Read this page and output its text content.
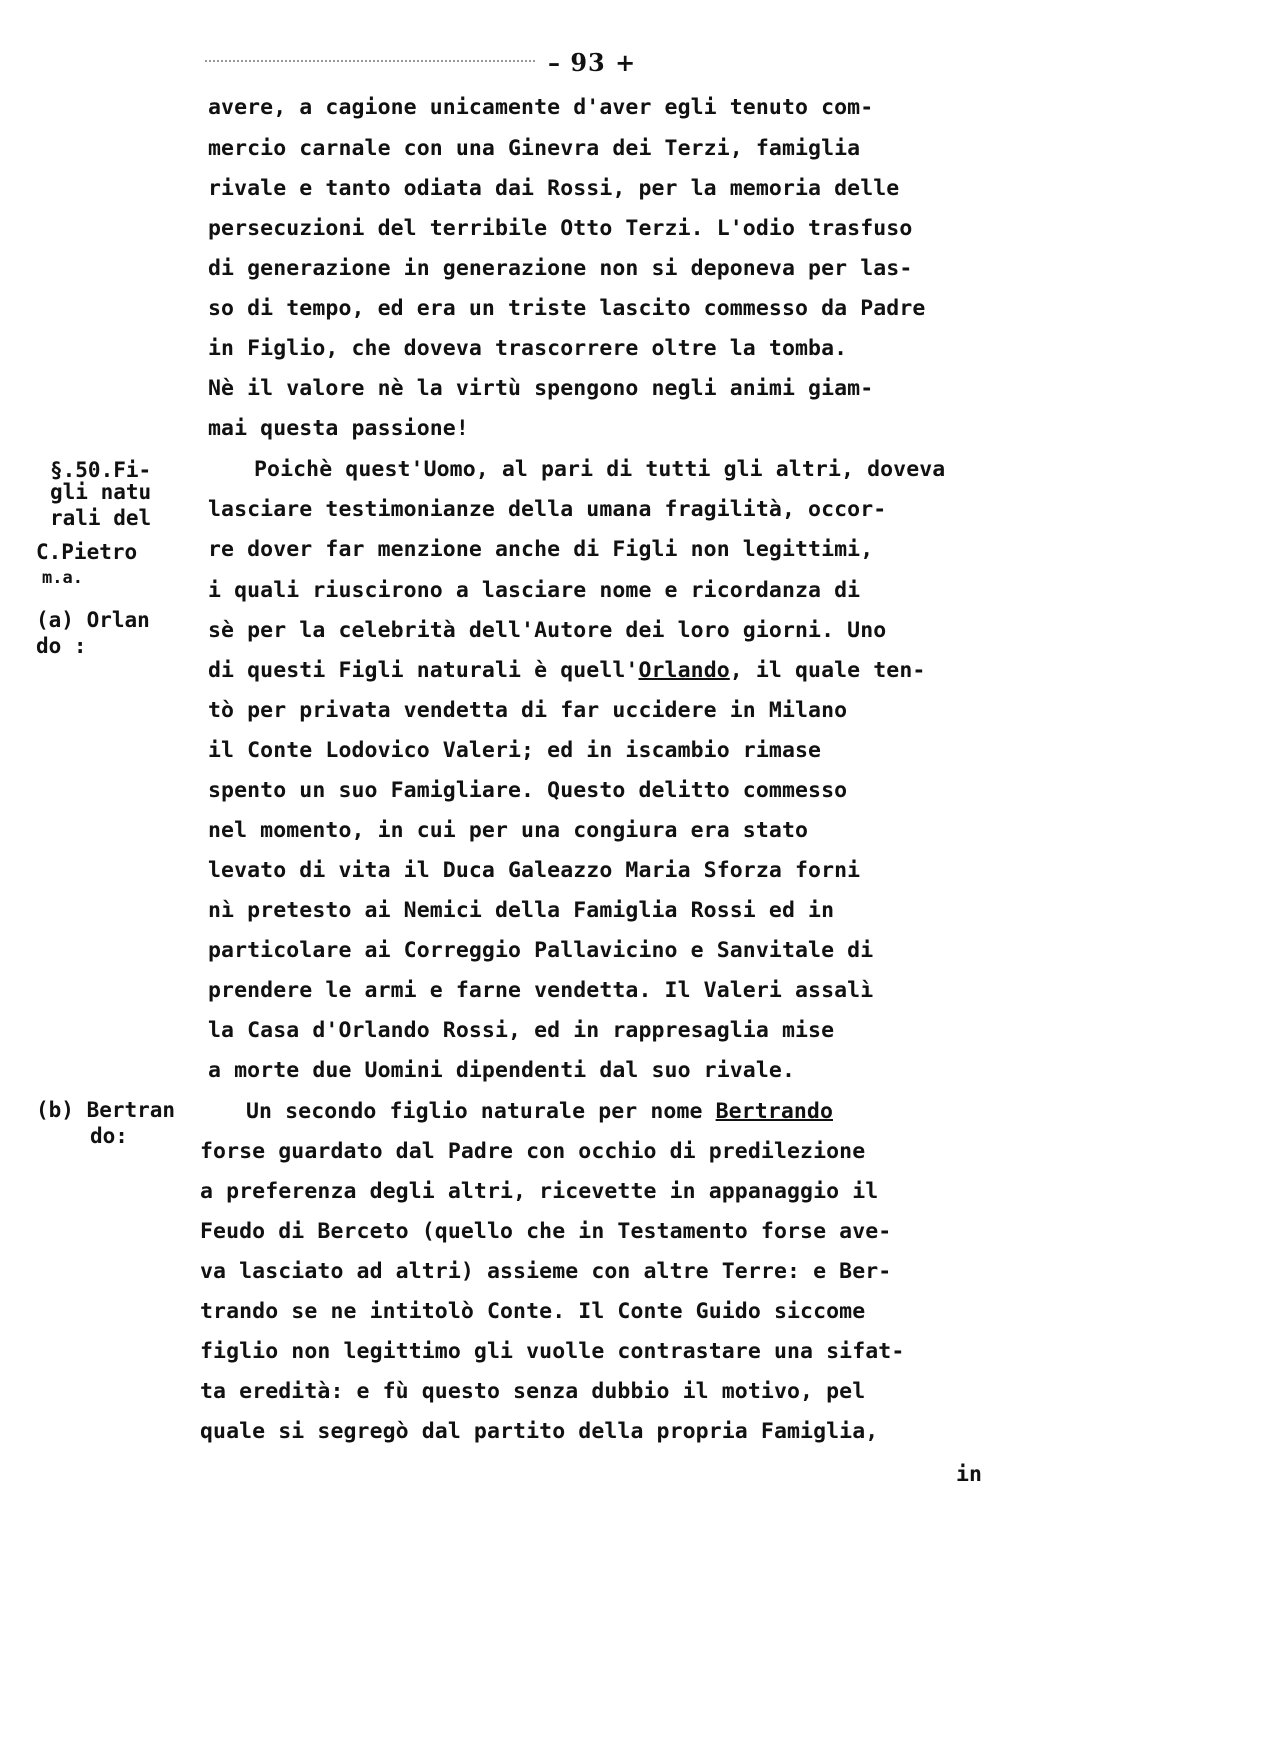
– 93 +
avere, a cagione unicamente d'aver egli tenuto com-
mercio carnale con una Ginevra dei Terzi, famiglia
rivale e tanto odiata dai Rossi, per la memoria delle
persecuzioni del terribile Otto Terzi. L'odio trasfuso
di generazione in generazione non si deponeva per las-
so di tempo, ed era un triste lascito commesso da Padre
in Figlio, che doveva trascorrere oltre la tomba.
Nè il valore nè la virtù spengono negli animi giam-
mai questa passione!
§.50.Fi-
gli natu
rali del
C.Pietro
m.a.
Poichè quest'Uomo, al pari di tutti gli altri, doveva
lasciare testimonianze della umana fragilità, occor-
re dover far menzione anche di Figli non legittimi,
i quali riuscirono a lasciare nome e ricordanza di
sè per la celebrità dell'Autore dei loro giorni. Uno
di questi Figli naturali è quell'Orlando, il quale ten-
tò per privata vendetta di far uccidere in Milano
il Conte Lodovico Valeri; ed in iscambio rimase
spento un suo Famigliare. Questo delitto commesso
nel momento, in cui per una congiura era stato
levato di vita il Duca Galeazzo Maria Sforza forni
nì pretesto ai Nemici della Famiglia Rossi ed in
particolare ai Correggio Pallavicino e Sanvitale di
prendere le armi e farne vendetta. Il Valeri assalì
la Casa d'Orlando Rossi, ed in rappresaglia mise
a morte due Uomini dipendenti dal suo rivale.
(a) Orlan
do :
(b) Bertran
do:
Un secondo figlio naturale per nome Bertrando
forse guardato dal Padre con occhio di predilezione
a preferenza degli altri, ricevette in appanaggio il
Feudo di Berceto (quello che in Testamento forse ave-
va lasciato ad altri) assieme con altre Terre: e Ber-
trando se ne intitolò Conte. Il Conte Guido siccome
figlio non legittimo gli vuolle contrastare una sifat-
ta eredità: e fù questo senza dubbio il motivo, pel
quale si segregò dal partito della propria Famiglia,
in
